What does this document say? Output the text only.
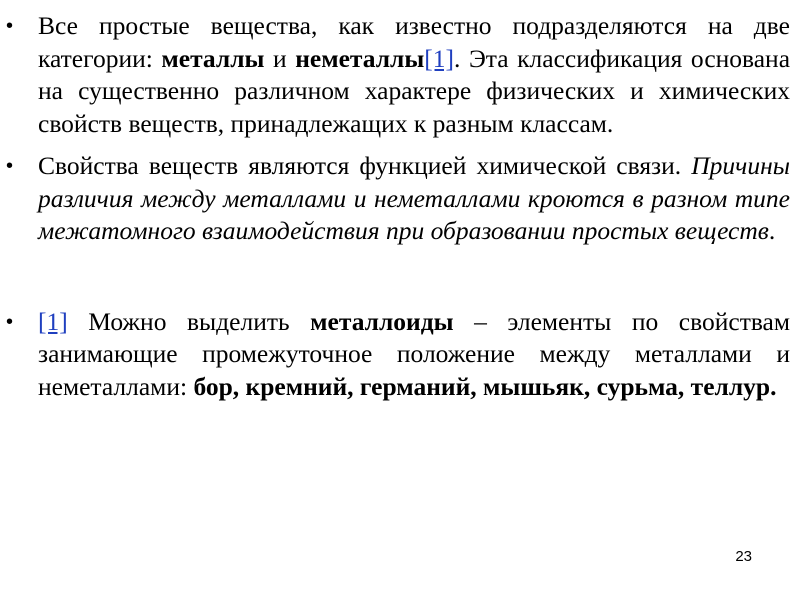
• Все простые вещества, как известно подразделяются на две категории: металлы и неметаллы[1]. Эта классификация основана на существенно различном характере физических и химических свойств веществ, принадлежащих к разным классам.
• Свойства веществ являются функцией химической связи. Причины различия между металлами и неметаллами кроются в разном типе межатомного взаимодействия при образовании простых веществ.
• [1] Можно выделить металлоиды – элементы по свойствам занимающие промежуточное положение между металлами и неметаллами: бор, кремний, германий, мышьяк, сурьма, теллур.
23
